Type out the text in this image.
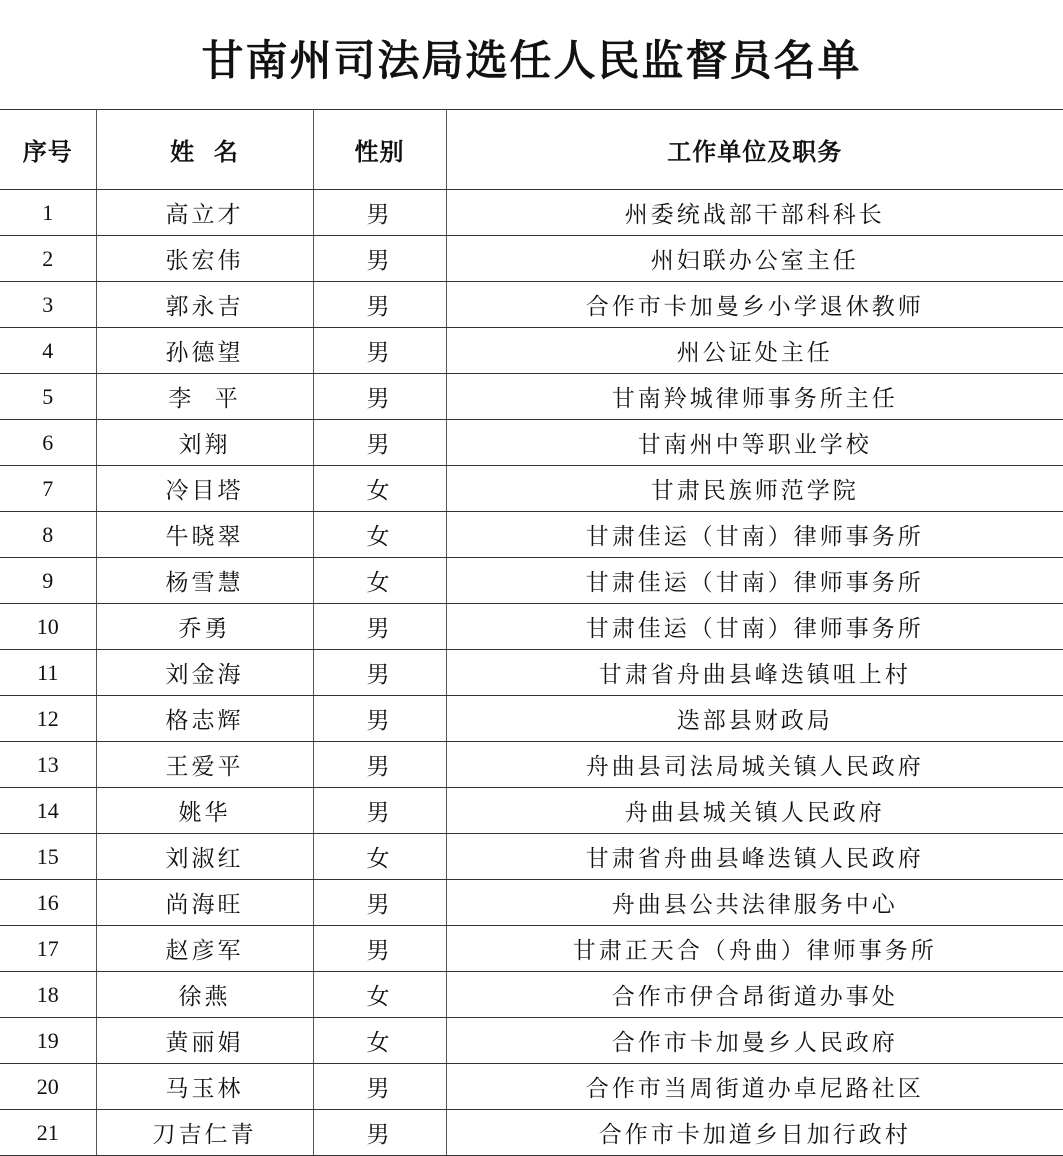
甘南州司法局选任人民监督员名单
序号	姓  名	性别	工作单位及职务
1	高立才	男	州委统战部干部科科长
2	张宏伟	男	州妇联办公室主任
3	郭永吉	男	合作市卡加曼乡小学退休教师
4	孙德望	男	州公证处主任
5	李  平	男	甘南羚城律师事务所主任
6	刘翔	男	甘南州中等职业学校
7	冷目塔	女	甘肃民族师范学院
8	牛晓翠	女	甘肃佳运（甘南）律师事务所
9	杨雪慧	女	甘肃佳运（甘南）律师事务所
10	乔勇	男	甘肃佳运（甘南）律师事务所
11	刘金海	男	甘肃省舟曲县峰迭镇咀上村
12	格志辉	男	迭部县财政局
13	王爱平	男	舟曲县司法局城关镇人民政府
14	姚华	男	舟曲县城关镇人民政府
15	刘淑红	女	甘肃省舟曲县峰迭镇人民政府
16	尚海旺	男	舟曲县公共法律服务中心
17	赵彦军	男	甘肃正天合（舟曲）律师事务所
18	徐燕	女	合作市伊合昂街道办事处
19	黄丽娟	女	合作市卡加曼乡人民政府
20	马玉林	男	合作市当周街道办卓尼路社区
21	刀吉仁青	男	合作市卡加道乡日加行政村
